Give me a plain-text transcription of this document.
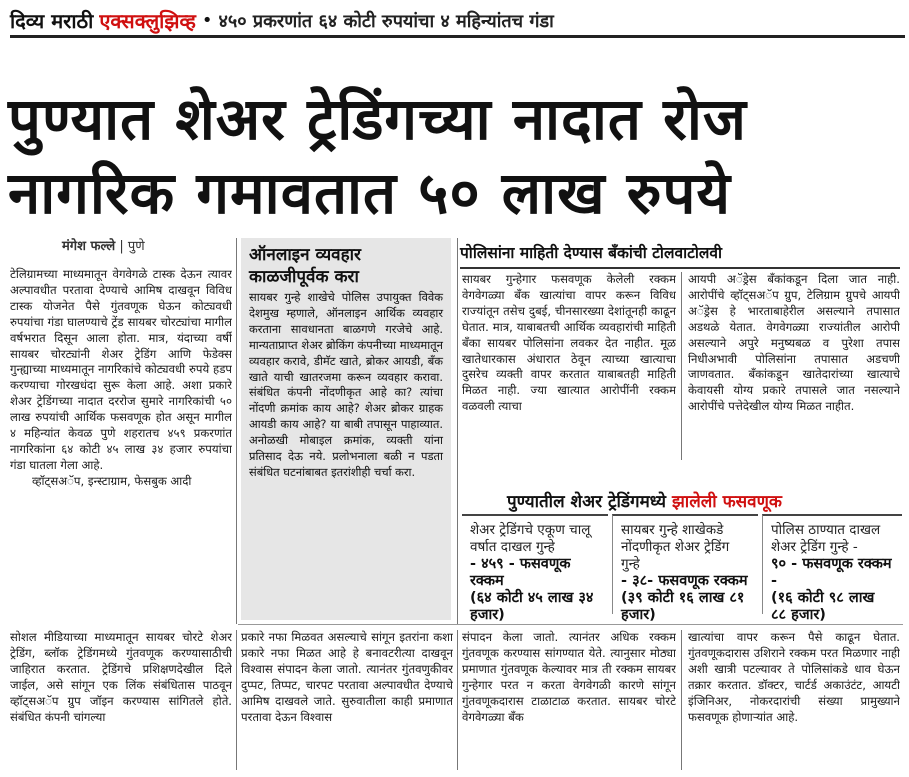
दिव्य मराठी एक्सक्लुझिव्ह • ४५० प्रकरणांत ६४ कोटी रुपयांचा ४ महिन्यांतच गंडा
पुण्यात शेअर ट्रेडिंगच्या नादात रोज
नागरिक गमावतात ५० लाख रुपये
मंगेश फल्ले | पुणे

टेलिग्रामच्या माध्यमातून वेगवेगळे टास्क देऊन त्यावर अल्पावधीत परतावा देण्याचे आमिष दाखवून विविध टास्क योजनेत पैसे गुंतवणूक घेऊन कोट्यवधी रुपयांचा गंडा घालण्याचे ट्रेंड सायबर चोरट्यांचा मागील वर्षभरात दिसून आला होता. मात्र, यंदाच्या वर्षी सायबर चोरट्यांनी शेअर ट्रेडिंग आणि फेडेक्स गुन्ह्याच्या माध्यमातून नागरिकांचे कोट्यवधी रुपये हडप करण्याचा गोरखधंदा सुरू केला आहे. अशा प्रकारे शेअर ट्रेडिंगच्या नादात दररोज सुमारे नागरिकांची ५० लाख रुपयांची आर्थिक फसवणूक होत असून मागील ४ महिन्यांत केवळ पुणे शहरातच ४५९ प्रकरणांत नागरिकांना ६४ कोटी ४५ लाख ३४ हजार रुपयांचा गंडा घातला गेला आहे.

व्हॉट्सअॅप, इन्स्टाग्राम, फेसबुक आदी

ऑनलाइन व्यवहार काळजीपूर्वक करा
सायबर गुन्हे शाखेचे पोलिस उपायुक्त विवेक देशमुख म्हणाले, ऑनलाइन आर्थिक व्यवहार करताना सावधानता बाळगणे गरजेचे आहे. मान्यताप्राप्त शेअर ब्रोकिंग कंपनीच्या माध्यमातून व्यवहार करावे, डीमॅट खाते, ब्रोकर आयडी, बँक खाते याची खातरजमा करून व्यवहार करावा. संबंधित कंपनी नोंदणीकृत आहे का? त्यांचा नोंदणी क्रमांक काय आहे? शेअर ब्रोकर ग्राहक आयडी काय आहे? या बाबी तपासून पाहाव्यात. अनोळखी मोबाइल क्रमांक, व्यक्ती यांना प्रतिसाद देऊ नये. प्रलोभनाला बळी न पडता संबंधित घटनांबाबत इतरांशीही चर्चा करा.
पोलिसांना माहिती देण्यास बँकांची टोलवाटोलवी
सायबर गुन्हेगार फसवणूक केलेली रक्कम वेगवेगळ्या बँक खात्यांचा वापर करून विविध राज्यांतून तसेच दुबई, चीनसारख्या देशांतूनही काढून घेतात. मात्र, याबाबतची आर्थिक व्यवहारांची माहिती बँका सायबर पोलिसांना लवकर देत नाहीत. मूळ खातेधारकास अंधारात ठेवून त्याच्या खात्याचा दुसरेच व्यक्ती वापर करतात याबाबतही माहिती मिळत नाही. ज्या खात्यात आरोपींनी रक्कम वळवली त्याचा
आयपी अॅड्रेस बँकांकडून दिला जात नाही. आरोपींचे व्हॉट्सअॅप ग्रुप, टेलिग्राम ग्रुपचे आयपी अॅड्रेस हे भारताबाहेरील असल्याने तपासात अडथळे येतात. वेगवेगळ्या राज्यांतील आरोपी असल्याने अपुरे मनुष्यबळ व पुरेशा तपास निधीअभावी पोलिसांना तपासात अडचणी जाणवतात. बँकांकडून खातेदारांच्या खात्याचे केवायसी योग्य प्रकारे तपासले जात नसल्याने आरोपींचे पत्तेदेखील योग्य मिळत नाहीत.
पुण्यातील शेअर ट्रेडिंगमध्ये झालेली फसवणूक
शेअर ट्रेडिंगचे एकूण चालू वर्षात दाखल गुन्हे
- ४५९ - फसवणूक रक्कम
(६४ कोटी ४५ लाख ३४ हजार)
सायबर गुन्हे शाखेकडे नोंदणीकृत शेअर ट्रेडिंग गुन्हे
- ३८- फसवणूक रक्कम
(३९ कोटी १६ लाख ८१ हजार)
पोलिस ठाण्यात दाखल शेअर ट्रेडिंग गुन्हे -
९० - फसवणूक रक्कम -
(१६ कोटी ९८ लाख ८८ हजार)
सोशल मीडियाच्या माध्यमातून सायबर चोरटे शेअर ट्रेडिंग, ब्लॉक ट्रेडिंगमध्ये गुंतवणूक करण्यासाठीची जाहिरात करतात. ट्रेडिंगचे प्रशिक्षणदेखील दिले जाईल, असे सांगून एक लिंक संबंधितास पाठवून व्हॉट्सअॅप ग्रुप जॉइन करण्यास सांगितले होते. संबंधित कंपनी चांगल्या
प्रकारे नफा मिळवत असल्याचे सांगून इतरांना कशा प्रकारे नफा मिळत आहे हे बनावटरीत्या दाखवून विश्वास संपादन केला जातो. त्यानंतर गुंतवणुकीवर दुप्पट, तिप्पट, चारपट परतावा अल्पावधीत देण्याचे आमिष दाखवले जाते. सुरुवातीला काही प्रमाणात परतावा देऊन विश्वास
संपादन केला जातो. त्यानंतर अधिक रक्कम गुंतवणूक करण्यास सांगण्यात येते. त्यानुसार मोठ्या प्रमाणात गुंतवणूक केल्यावर मात्र ती रक्कम सायबर गुन्हेगार परत न करता वेगवेगळी कारणे सांगून गुंतवणूकदारास टाळाटाळ करतात. सायबर चोरटे वेगवेगळ्या बँक
खात्यांचा वापर करून पैसे काढून घेतात. गुंतवणूकदारास उशिराने रक्कम परत मिळणार नाही अशी खात्री पटल्यावर ते पोलिसांकडे धाव घेऊन तक्रार करतात. डॉक्टर, चार्टर्ड अकाउंटंट, आयटी इंजिनिअर, नोकरदारांची संख्या प्रामुख्याने फसवणूक होणाऱ्यांत आहे.
